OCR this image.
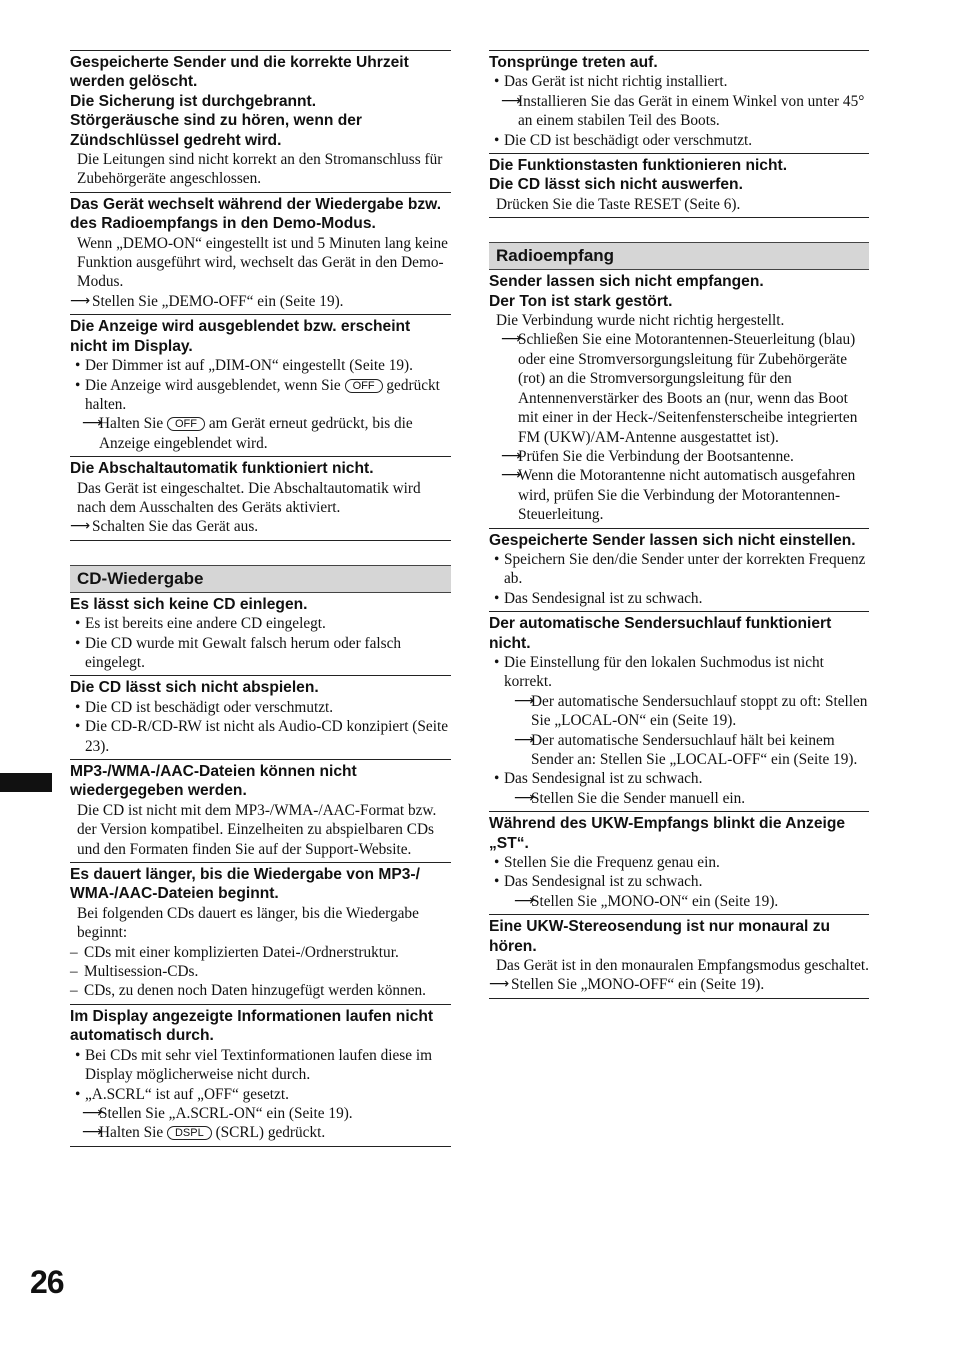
Gespeicherte Sender und die korrekte Uhrzeit werden gelöscht.
Die Sicherung ist durchgebrannt.
Störgeräusche sind zu hören, wenn der Zündschlüssel gedreht wird.
Die Leitungen sind nicht korrekt an den Stromanschluss für Zubehörgeräte angeschlossen.
Das Gerät wechselt während der Wiedergabe bzw. des Radioempfangs in den Demo-Modus.
Wenn „DEMO-ON“ eingestellt ist und 5 Minuten lang keine Funktion ausgeführt wird, wechselt das Gerät in den Demo-Modus.
⟶ Stellen Sie „DEMO-OFF“ ein (Seite 19).
Die Anzeige wird ausgeblendet bzw. erscheint nicht im Display.
• Der Dimmer ist auf „DIM-ON“ eingestellt (Seite 19).
• Die Anzeige wird ausgeblendet, wenn Sie OFF gedrückt halten.
⟶ Halten Sie OFF am Gerät erneut gedrückt, bis die Anzeige eingeblendet wird.
Die Abschaltautomatik funktioniert nicht.
Das Gerät ist eingeschaltet. Die Abschaltautomatik wird nach dem Ausschalten des Geräts aktiviert.
⟶ Schalten Sie das Gerät aus.
CD-Wiedergabe
Es lässt sich keine CD einlegen.
• Es ist bereits eine andere CD eingelegt.
• Die CD wurde mit Gewalt falsch herum oder falsch eingelegt.
Die CD lässt sich nicht abspielen.
• Die CD ist beschädigt oder verschmutzt.
• Die CD-R/CD-RW ist nicht als Audio-CD konzipiert (Seite 23).
MP3-/WMA-/AAC-Dateien können nicht wiedergegeben werden.
Die CD ist nicht mit dem MP3-/WMA-/AAC-Format bzw. der Version kompatibel. Einzelheiten zu abspielbaren CDs und den Formaten finden Sie auf der Support-Website.
Es dauert länger, bis die Wiedergabe von MP3-/ WMA-/AAC-Dateien beginnt.
Bei folgenden CDs dauert es länger, bis die Wiedergabe beginnt:
– CDs mit einer komplizierten Datei-/Ordnerstruktur.
– Multisession-CDs.
– CDs, zu denen noch Daten hinzugefügt werden können.
Im Display angezeigte Informationen laufen nicht automatisch durch.
• Bei CDs mit sehr viel Textinformationen laufen diese im Display möglicherweise nicht durch.
• „A.SCRL“ ist auf „OFF“ gesetzt.
⟶ Stellen Sie „A.SCRL-ON“ ein (Seite 19).
⟶ Halten Sie DSPL (SCRL) gedrückt.
Tonsprünge treten auf.
• Das Gerät ist nicht richtig installiert.
⟶ Installieren Sie das Gerät in einem Winkel von unter 45° an einem stabilen Teil des Boots.
• Die CD ist beschädigt oder verschmutzt.
Die Funktionstasten funktionieren nicht.
Die CD lässt sich nicht auswerfen.
Drücken Sie die Taste RESET (Seite 6).
Radioempfang
Sender lassen sich nicht empfangen.
Der Ton ist stark gestört.
Die Verbindung wurde nicht richtig hergestellt.
⟶ Schließen Sie eine Motorantennen-Steuerleitung (blau) oder eine Stromversorgungsleitung für Zubehörgeräte (rot) an die Stromversorgungsleitung für den Antennenverstärker des Boots an (nur, wenn das Boot mit einer in der Heck-/Seitenfensterscheibe integrierten FM (UKW)/AM-Antenne ausgestattet ist).
⟶ Prüfen Sie die Verbindung der Bootsantenne.
⟶ Wenn die Motorantenne nicht automatisch ausgefahren wird, prüfen Sie die Verbindung der Motorantennen-Steuerleitung.
Gespeicherte Sender lassen sich nicht einstellen.
• Speichern Sie den/die Sender unter der korrekten Frequenz ab.
• Das Sendesignal ist zu schwach.
Der automatische Sendersuchlauf funktioniert nicht.
• Die Einstellung für den lokalen Suchmodus ist nicht korrekt.
⟶ Der automatische Sendersuchlauf stoppt zu oft: Stellen Sie „LOCAL-ON“ ein (Seite 19).
⟶ Der automatische Sendersuchlauf hält bei keinem Sender an: Stellen Sie „LOCAL-OFF“ ein (Seite 19).
• Das Sendesignal ist zu schwach.
⟶ Stellen Sie die Sender manuell ein.
Während des UKW-Empfangs blinkt die Anzeige „ST“.
• Stellen Sie die Frequenz genau ein.
• Das Sendesignal ist zu schwach.
⟶ Stellen Sie „MONO-ON“ ein (Seite 19).
Eine UKW-Stereosendung ist nur monaural zu hören.
Das Gerät ist in den monauralen Empfangsmodus geschaltet.
⟶ Stellen Sie „MONO-OFF“ ein (Seite 19).
26
